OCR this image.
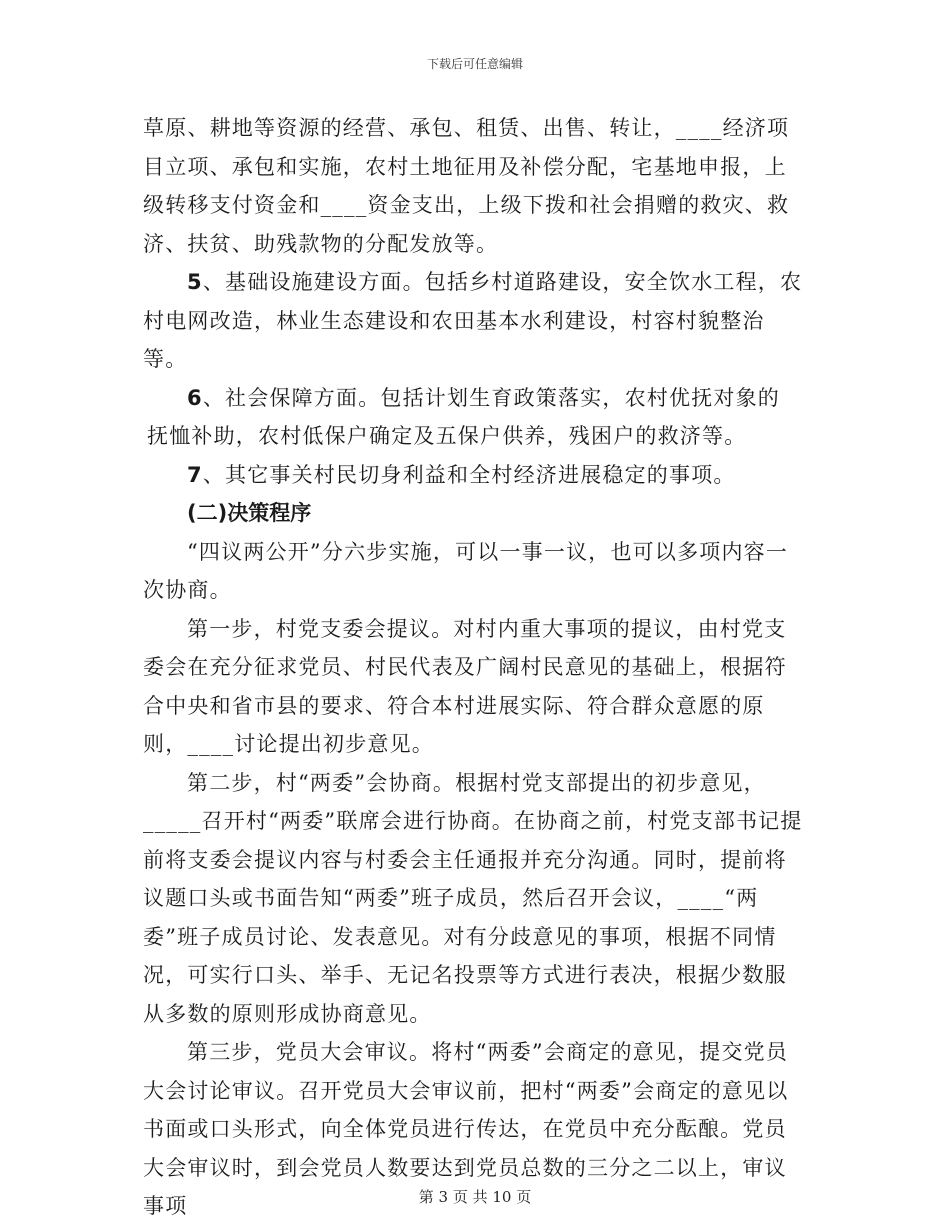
下载后可任意编辑

草原、耕地等资源的经营、承包、租赁、出售、转让，____经济项目立项、承包和实施，农村土地征用及补偿分配，宅基地申报，上级转移支付资金和____资金支出，上级下拨和社会捐赠的救灾、救济、扶贫、助残款物的分配发放等。

5、基础设施建设方面。包括乡村道路建设，安全饮水工程，农村电网改造，林业生态建设和农田基本水利建设，村容村貌整治等。

6、社会保障方面。包括计划生育政策落实，农村优抚对象的

抚恤补助，农村低保户确定及五保户供养，残困户的救济等。

7、其它事关村民切身利益和全村经济进展稳定的事项。

(二)决策程序

“四议两公开”分六步实施，可以一事一议，也可以多项内容一次协商。

第一步，村党支委会提议。对村内重大事项的提议，由村党支委会在充分征求党员、村民代表及广阔村民意见的基础上，根据符合中央和省市县的要求、符合本村进展实际、符合群众意愿的原则，____讨论提出初步意见。

第二步，村“两委”会协商。根据村党支部提出的初步意见，_____召开村“两委”联席会进行协商。在协商之前，村党支部书记提前将支委会提议内容与村委会主任通报并充分沟通。同时，提前将议题口头或书面告知“两委”班子成员，然后召开会议，____“两委”班子成员讨论、发表意见。对有分歧意见的事项，根据不同情况，可实行口头、举手、无记名投票等方式进行表决，根据少数服从多数的原则形成协商意见。

第三步，党员大会审议。将村“两委”会商定的意见，提交党员大会讨论审议。召开党员大会审议前，把村“两委”会商定的意见以书面或口头形式，向全体党员进行传达，在党员中充分酝酿。党员大会审议时，到会党员人数要达到党员总数的三分之二以上，审议事项	第 3 页 共 10 页
